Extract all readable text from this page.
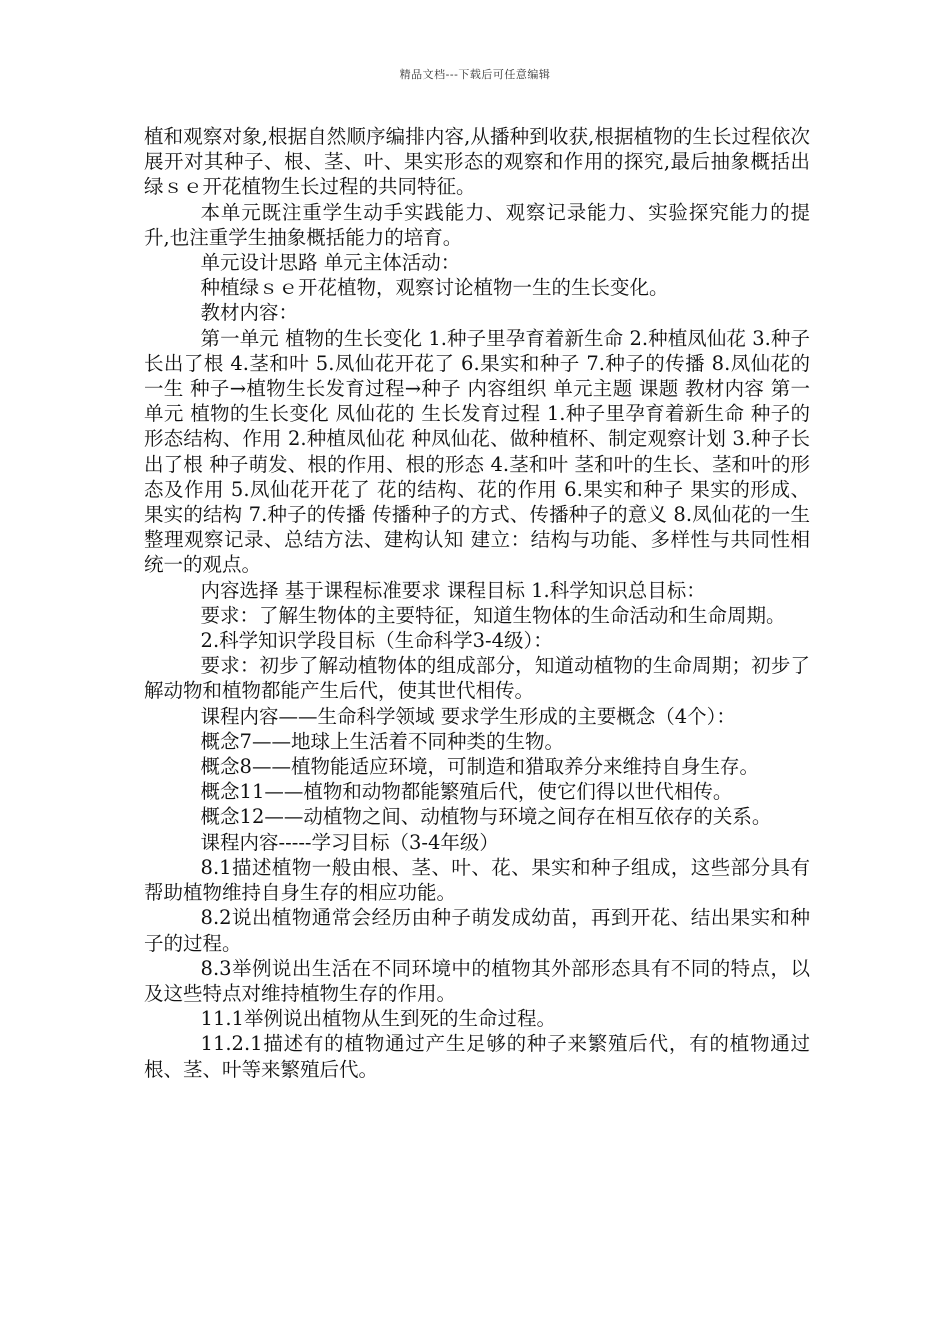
精品文档---下载后可任意编辑

植和观察对象,根据自然顺序编排内容,从播种到收获,根据植物的生长过程依次展开对其种子、根、茎、叶、果实形态的观察和作用的探究,最后抽象概括出绿ｓｅ开花植物生长过程的共同特征。

本单元既注重学生动手实践能力、观察记录能力、实验探究能力的提升,也注重学生抽象概括能力的培育。

单元设计思路 单元主体活动：

种植绿ｓｅ开花植物，观察讨论植物一生的生长变化。

教材内容：

第一单元 植物的生长变化 1.种子里孕育着新生命 2.种植凤仙花 3.种子长出了根 4.茎和叶 5.凤仙花开花了 6.果实和种子 7.种子的传播 8.凤仙花的一生 种子→植物生长发育过程→种子 内容组织 单元主题 课题 教材内容 第一单元 植物的生长变化 凤仙花的 生长发育过程 1.种子里孕育着新生命 种子的形态结构、作用 2.种植凤仙花 种凤仙花、做种植杯、制定观察计划 3.种子长出了根 种子萌发、根的作用、根的形态 4.茎和叶 茎和叶的生长、茎和叶的形态及作用 5.凤仙花开花了 花的结构、花的作用 6.果实和种子 果实的形成、果实的结构 7.种子的传播 传播种子的方式、传播种子的意义 8.凤仙花的一生 整理观察记录、总结方法、建构认知 建立：结构与功能、多样性与共同性相统一的观点。

内容选择 基于课程标准要求 课程目标 1.科学知识总目标：

要求：了解生物体的主要特征，知道生物体的生命活动和生命周期。

2.科学知识学段目标（生命科学3-4级）：

要求：初步了解动植物体的组成部分，知道动植物的生命周期；初步了解动物和植物都能产生后代，使其世代相传。

课程内容——生命科学领域 要求学生形成的主要概念（4个）：

概念7——地球上生活着不同种类的生物。

概念8——植物能适应环境，可制造和猎取养分来维持自身生存。

概念11——植物和动物都能繁殖后代，使它们得以世代相传。

概念12——动植物之间、动植物与环境之间存在相互依存的关系。

课程内容-----学习目标（3-4年级）

8.1描述植物一般由根、茎、叶、花、果实和种子组成，这些部分具有帮助植物维持自身生存的相应功能。

8.2说出植物通常会经历由种子萌发成幼苗，再到开花、结出果实和种子的过程。

8.3举例说出生活在不同环境中的植物其外部形态具有不同的特点，以及这些特点对维持植物生存的作用。

11.1举例说出植物从生到死的生命过程。

11.2.1描述有的植物通过产生足够的种子来繁殖后代，有的植物通过根、茎、叶等来繁殖后代。
